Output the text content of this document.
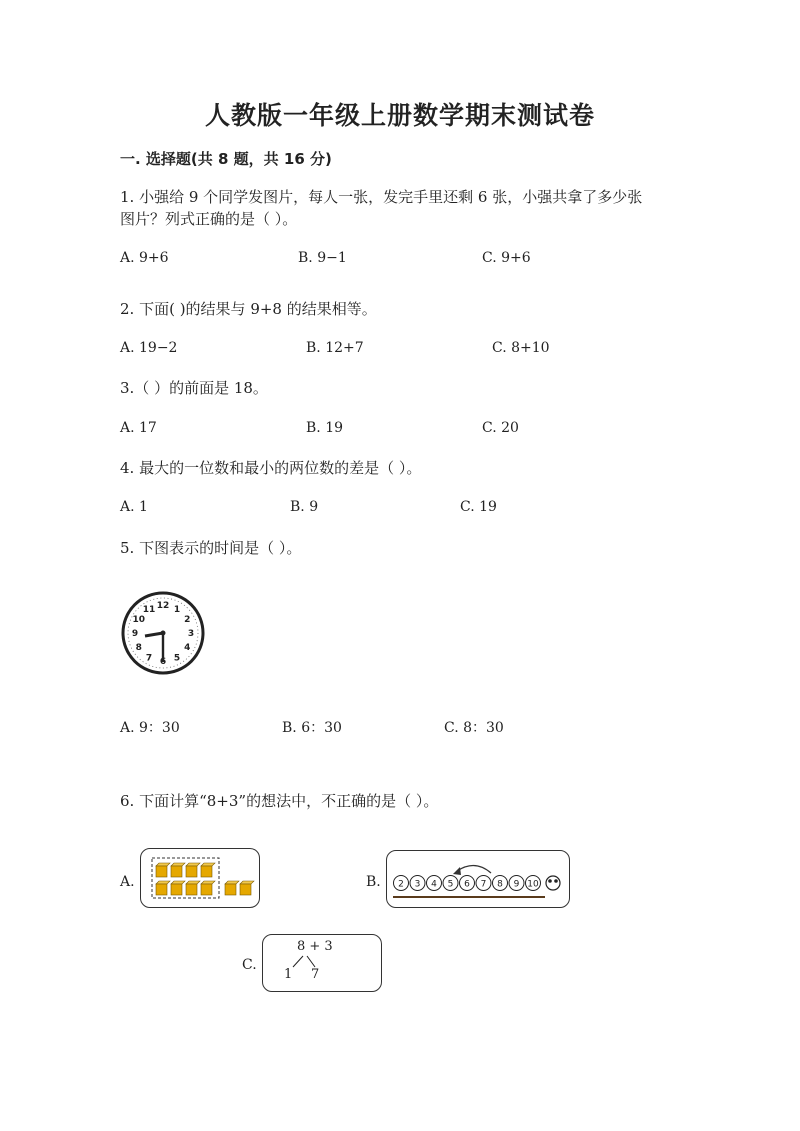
人教版一年级上册数学期末测试卷
一. 选择题(共 8 题，共 16 分)
1. 小强给 9 个同学发图片，每人一张，发完手里还剩 6 张，小强共拿了多少张
图片？列式正确的是（ ）。
A. 9+6	B. 9−1	C. 9+6
2. 下面( )的结果与 9+8 的结果相等。
A. 19−2	B. 12+7	C. 8+10
3.（ ）的前面是 18。
A. 17	B. 19	C. 20
4. 最大的一位数和最小的两位数的差是（ ）。
A. 1	B. 9	C. 19
5. 下图表示的时间是（ ）。
12 1
2
3
4
5
6
7
8
9
10
11
A. 9：30	B. 6：30	C. 8：30
6. 下面计算“8+3”的想法中，不正确的是（ ）。
A.	B. 2 3 4 5 6 7 8 9 10
C.
8 + 3
1 7
